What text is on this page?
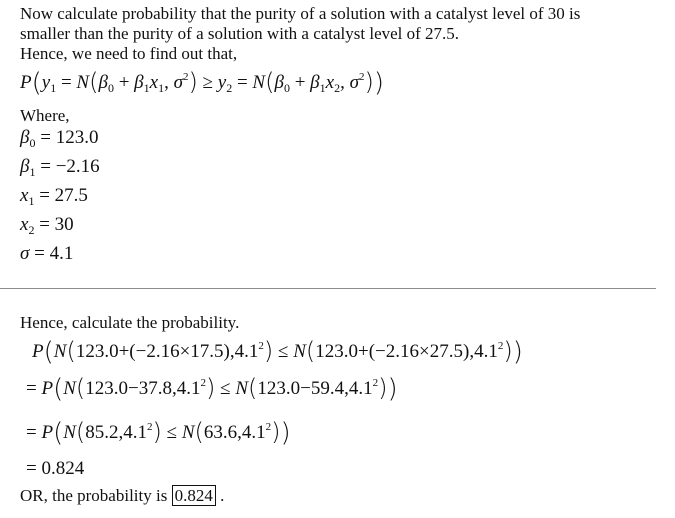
Now calculate probability that the purity of a solution with a catalyst level of 30 is
smaller than the purity of a solution with a catalyst level of 27.5.
Hence, we need to find out that,
$P(y_1 = N(\beta_0 + \beta_1x_1$, $\sigma^2) \ge y_2 = N(\beta_0 + \beta_1x_2$, $\sigma^2$))
Where,
$\beta_0 = 123.0$
$\beta_1 = -2.16$
$x_1 = 27.5$
$x_2 = 30$
σ = 4.1
Hence, calculate the probability.
$P(N(123.0+(-2.16\times 17.5),4.1^2) \le N(123.0+(-2.16\times 27.5),4.1^2))$
= $P(N(123.0-37.8,4.1^2) \le N(123.0-59.4,4.1^2))$
= $P(N(85.2,4.1^2) \le N(63.6,4.1^2))$
= 0.824
OR, the probability is 0.824 .
